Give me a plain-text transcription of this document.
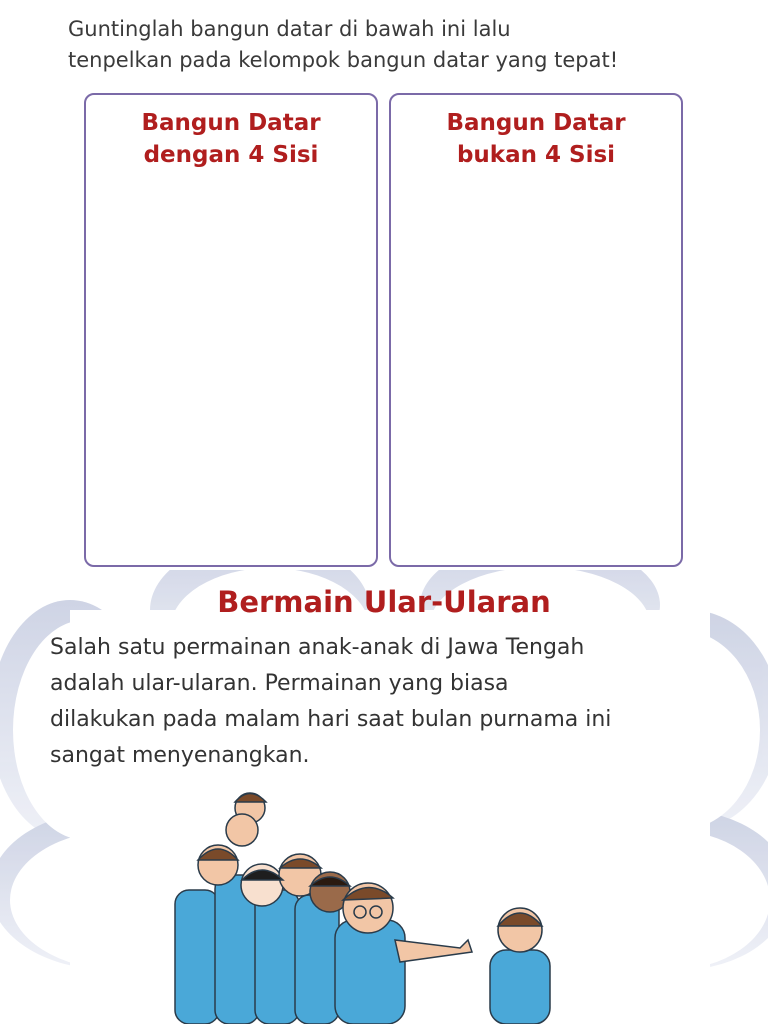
Guntinglah bangun datar di bawah ini lalu
tenpelkan pada kelompok bangun datar yang tepat!
Bangun Datar
dengan 4 Sisi
Bangun Datar
bukan 4 Sisi
Bermain Ular-Ularan
Salah satu permainan anak-anak di Jawa Tengah
adalah ular-ularan. Permainan yang biasa
dilakukan pada malam hari saat bulan purnama ini
sangat menyenangkan.
